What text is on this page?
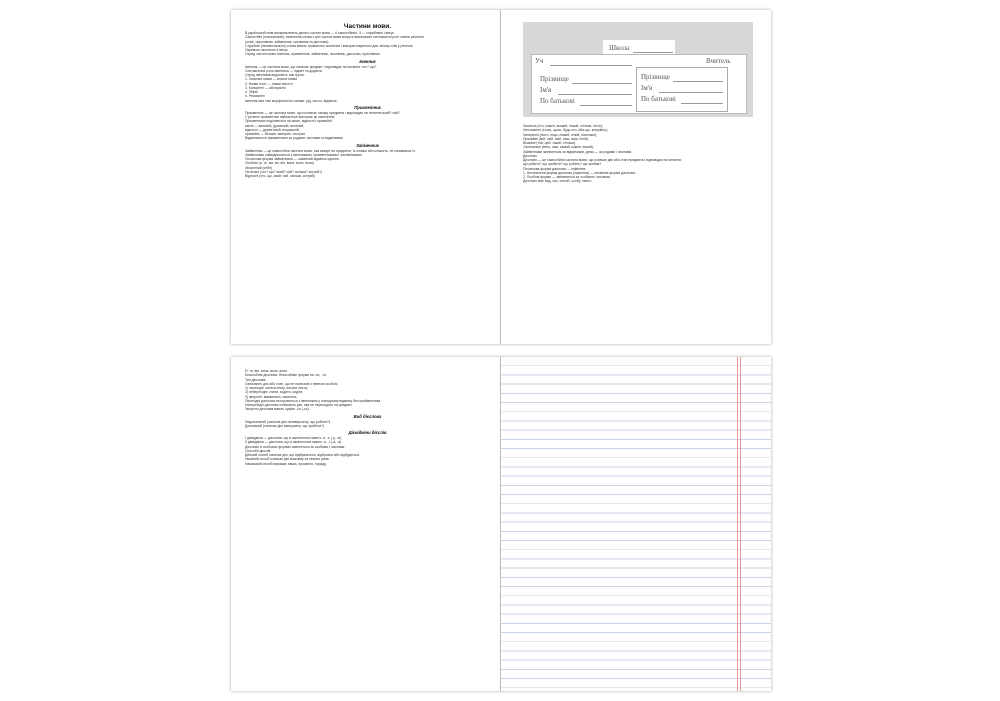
Частини мови.
В українській мові виокремлюють десять частин мови — 6 самостійних, 3 — службових і вигук.
Самостійні (повнозначні), мовлення слова з цих частин мови можуть виконувати синтаксичні ролі членів речення
(отже, прислівник, займенник, числівник та дієслово).
Службові (неповнозначні) слова мають граматичні значення і використовуються для зв'язку слів у реченні.
Окремою частиною є вигук.
Серед частин мови: іменник, прикметник, займенник, числівник, дієслово, прислівник.
Іменник
Іменник — це частина мови, що означає предмет і відповідає на питання: хто? що?
Синтаксична роль іменника — підмет та додаток.
Серед іменників виділяють такі групи:
1. Загальні назви — власні назви
2. Назви істот — назви неістот
3. Конкретні — абстрактні
4. Збірні
5. Речовинні
Іменник має такі морфологічні ознаки: рід, число, відмінок.
Прикметник
Прикметник — це частина мови, що позначає ознаку предмета і відповідає на питання який? чий?
У реченні прикметник найчастіше виступає як означення.
Прикметники поділяються на якісні, відносні і присвійні:
якісні — великий, духмяний, веселий;
відносні — дерев'яний, вчорашній;
присвійні — батьків, материн, сестрин.
Відмінюються прикметники за родами, числами та відмінками.
Займенник
Займенник — це самостійна частина мови, яка вказує на предмети, їх ознаки або кількість, не називаючи їх.
Займенники співвідносяться з іменниками, прикметниками і числівниками.
Початкова форма займенника — називний відмінок однини.
Особові (я, ти, ми, ви, він, вона, воно, вони)
Зворотний (себе)
Питальні (хто? що? який? чий? скільки? котрий?)
Відносні (хто, що, який, чий, скільки, котрий)
Школа
Уч	Вчитель
Прізвище
Ім'я
По батькові
Прізвище
Ім'я
По батькові
Загальні (хто, кожен, всякий, інший, стільки, ніхто);
Неозначені (хтось, щось, будь-хто, аби-що, котрийсь);
Заперечні (ніхто, ніщо, ніякий, нічий, ніскільки);
Присвійні (мій, твій, свій, наш, ваш, їхній);
Вказівні (той, цей, такий, стільки).
Означальні (весь, сам, самий, кожен, інший).
Займенники змінюються за відмінками, деякі — за родами і числами.
Дієслово
Дієслово — це самостійна частина мови, що означає дію або стан предмета і відповідає на питання:
що робити? що зробити? що робить? що зробив?
Початкова форма дієслова — інфінітив.
1. Неозначена форма дієслова (інфінітив) — незмінна форма дієслова.
2. Особові форми — змінюються за особами і числами.
Дієслово має вид, час, спосіб, особу, число.
Я, ти, він, вона, воно, вони
Безособові дієслова: безособове форма на -но, -то.
Тип дієслова:
Означають дію або стан, що не пов'язані з певною особою.
1) перехідні: читати книгу, писати листа;
2) неперехідні: спати, ходити, сидіти;
3) зворотні: вмиватися, сміятися;
Перехідні дієслова сполучаються з іменником у знахідному відмінку без прийменника.
Неперехідні дієслова означають дію, яка не переходить на предмет.
Зворотні дієслова мають суфікс -ся (-сь).
Вид дієслова
Недоконаний (означає дію незавершену: що робити?)
Доконаний (означає дію завершену: що зробити?)
Дієвідміни дієслів
I дієвідміна — дієслова, що в закінченнях мають -е, -є (-у, -ю).
II дієвідміна — дієслова, що в закінченнях мають -и, -ї (-а, -я).
Дієслово в особових формах змінюється за особами і числами.
Способи дієслів
Дійсний спосіб означає дію, що відбувається, відбулася або відбудеться.
Умовний спосіб означає дію можливу за певних умов.
Наказовий спосіб виражає наказ, прохання, пораду.
